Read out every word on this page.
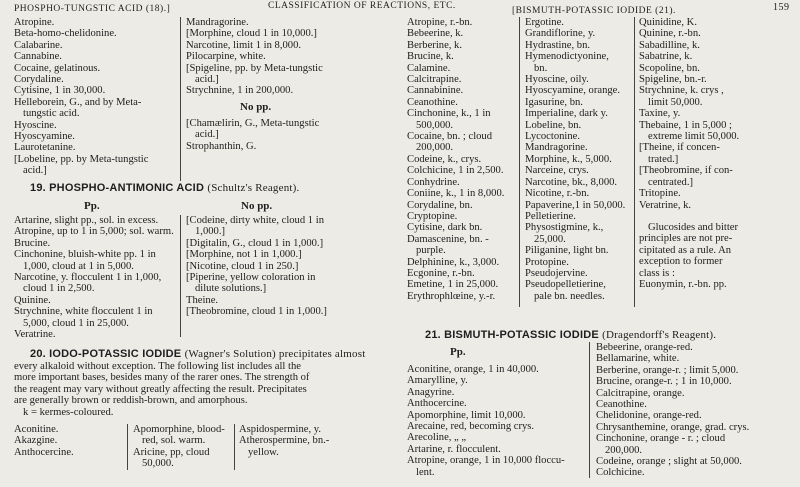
PHOSPHO-TUNGSTIC ACID (18).]	CLASSIFICATION OF REACTIONS, ETC.	[BISMUTH-POTASSIC IODIDE (21).	159
Atropine.
Beta-homo-chelidonine.
Calabarine.
Cannabine.
Cocaine, gelatinous.
Corydaline.
Cytisine, 1 in 30,000.
Helleborein, G., and by Meta-
tungstic acid.
Hyoscine.
Hyoscyamine.
Laurotetanine.
[Lobeline, pp. by Meta-tungstic
acid.]
Mandragorine.
[Morphine, cloud 1 in 10,000.]
Narcotine, limit 1 in 8,000.
Pilocarpine, white.
[Spigeline, pp. by Meta-tungstic
acid.]
Strychnine, 1 in 200,000.
No pp.
[Chamælirin, G., Meta-tungstic
acid.]
Strophanthin, G.
19. PHOSPHO-ANTIMONIC ACID (Schultz's Reagent).
Pp.	No pp.
Artarine, slight pp., sol. in excess.
Atropine, up to 1 in 5,000; sol. warm.
Brucine.
Cinchonine, bluish-white pp. 1 in
1,000, cloud at 1 in 5,000.
Narcotine, y. flocculent 1 in 1,000,
cloud 1 in 2,500.
Quinine.
Strychnine, white flocculent 1 in
5,000, cloud 1 in 25,000.
Veratrine.
[Codeine, dirty white, cloud 1 in
1,000.]
[Digitalin, G., cloud 1 in 1,000.]
[Morphine, not 1 in 1,000.]
[Nicotine, cloud 1 in 250.]
[Piperine, yellow coloration in
dilute solutions.]
Theine.
[Theobromine, cloud 1 in 1,000.]
20. IODO-POTASSIC IODIDE (Wagner's Solution) precipitates almost
every alkaloid without exception. The following list includes all the
more important bases, besides many of the rarer ones. The strength of
the reagent may vary without greatly affecting the result. Precipitates
are generally brown or reddish-brown, and amorphous.
k = kermes-coloured.
Aconitine.
Akazgine.
Anthocercine.
Apomorphine, blood-
red, sol. warm.
Aricine, pp, cloud
50,000.
Aspidospermine, y.
Atherospermine, bn.-
yellow.
Atropine, r.-bn.
Bebeerine, k.
Berberine, k.
Brucine, k.
Calamine.
Calcitrapine.
Cannabinine.
Ceanothine.
Cinchonine, k., 1 in
500,000.
Cocaine, bn. ; cloud
200,000.
Codeine, k., crys.
Colchicine, 1 in 2,500.
Conhydrine.
Coniine, k., 1 in 8,000.
Corydaline, bn.
Cryptopine.
Cytisine, dark bn.
Damascenine, bn. -
purple.
Delphinine, k., 3,000.
Ecgonine, r.-bn.
Emetine, 1 in 25,000.
Erythrophlœine, y.-r.
Ergotine.
Grandiflorine, y.
Hydrastine, bn.
Hymenodictyonine,
bn.
Hyoscine, oily.
Hyoscyamine, orange.
Igasurine, bn.
Imperialine, dark y.
Lobeline, bn.
Lycoctonine.
Mandragorine.
Morphine, k., 5,000.
Narceine, crys.
Narcotine, bk., 8,000.
Nicotine, r.-bn.
Papaverine,1 in 50,000.
Pelletierine.
Physostigmine, k.,
25,000.
Piliganine, light bn.
Protopine.
Pseudojervine.
Pseudopelletierine,
pale bn. needles.
Quinidine, K.
Quinine, r.-bn.
Sabadilline, k.
Sabatrine, k.
Scopoline, bn.
Spigeline, bn.-r.
Strychnine, k. crys ,
limit 50,000.
Taxine, y.
Thebaine, 1 in 5,000 ;
extreme limit 50,000.
[Theine, if concen-
trated.]
[Theobromine, if con-
centrated.]
Tritopine.
Veratrine, k.
Glucosides and bitter
principles are not pre-
cipitated as a rule. An
exception to former
class is :
Euonymin, r.-bn. pp.
21. BISMUTH-POTASSIC IODIDE (Dragendorff's Reagent).
Pp.
Aconitine, orange, 1 in 40,000.
Amarylline, y.
Anagyrine.
Anthocercine.
Apomorphine, limit 10,000.
Arecaine, red, becoming crys.
Arecoline, „ „
Artarine, r. flocculent.
Atropine, orange, 1 in 10,000 floccu-
lent.
Bebeerine, orange-red.
Bellamarine, white.
Berberine, orange-r. ; limit 5,000.
Brucine, orange-r. ; 1 in 10,000.
Calcitrapine, orange.
Ceanothine.
Chelidonine, orange-red.
Chrysanthemine, orange, grad. crys.
Cinchonine, orange - r. ; cloud
200,000.
Codeine, orange ; slight at 50,000.
Colchicine.
